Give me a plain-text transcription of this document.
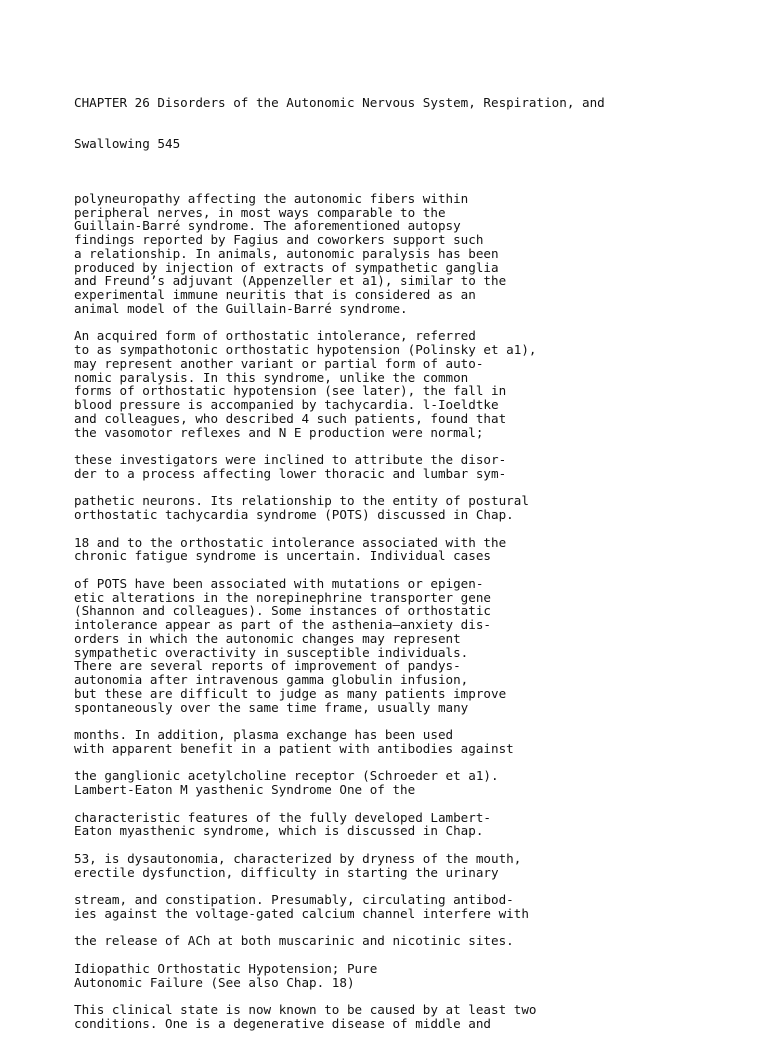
CHAPTER 26 Disorders of the Autonomic Nervous System, Respiration, and

Swallowing 545

polyneuropathy affecting the autonomic fibers within
peripheral nerves, in most ways comparable to the
Guillain-Barré syndrome. The aforementioned autopsy
findings reported by Fagius and coworkers support such
a relationship. In animals, autonomic paralysis has been
produced by injection of extracts of sympathetic ganglia
and Freund’s adjuvant (Appenzeller et a1), similar to the
experimental immune neuritis that is considered as an
animal model of the Guillain-Barré syndrome.
An acquired form of orthostatic intolerance, referred
to as sympathotonic orthostatic hypotension (Polinsky et a1),
may represent another variant or partial form of auto-
nomic paralysis. In this syndrome, unlike the common
forms of orthostatic hypotension (see later), the fall in
blood pressure is accompanied by tachycardia. l-Ioeldtke
and colleagues, who described 4 such patients, found that
the vasomotor reflexes and N E production were normal;
these investigators were inclined to attribute the disor-
der to a process affecting lower thoracic and lumbar sym-
pathetic neurons. Its relationship to the entity of postural
orthostatic tachycardia syndrome (POTS) discussed in Chap.
18 and to the orthostatic intolerance associated with the
chronic fatigue syndrome is uncertain. Individual cases
of POTS have been associated with mutations or epigen-
etic alterations in the norepinephrine transporter gene
(Shannon and colleagues). Some instances of orthostatic
intolerance appear as part of the asthenia—anxiety dis-
orders in which the autonomic changes may represent
sympathetic overactivity in susceptible individuals.
There are several reports of improvement of pandys-
autonomia after intravenous gamma globulin infusion,
but these are difficult to judge as many patients improve
spontaneously over the same time frame, usually many
months. In addition, plasma exchange has been used
with apparent benefit in a patient with antibodies against
the ganglionic acetylcholine receptor (Schroeder et a1).
Lambert-Eaton M yasthenic Syndrome One of the
characteristic features of the fully developed Lambert-
Eaton myasthenic syndrome, which is discussed in Chap.
53, is dysautonomia, characterized by dryness of the mouth,
erectile dysfunction, difficulty in starting the urinary
stream, and constipation. Presumably, circulating antibod-
ies against the voltage-gated calcium channel interfere with
the release of ACh at both muscarinic and nicotinic sites.
Idiopathic Orthostatic Hypotension; Pure
Autonomic Failure (See also Chap. 18)
This clinical state is now known to be caused by at least two
conditions. One is a degenerative disease of middle and
